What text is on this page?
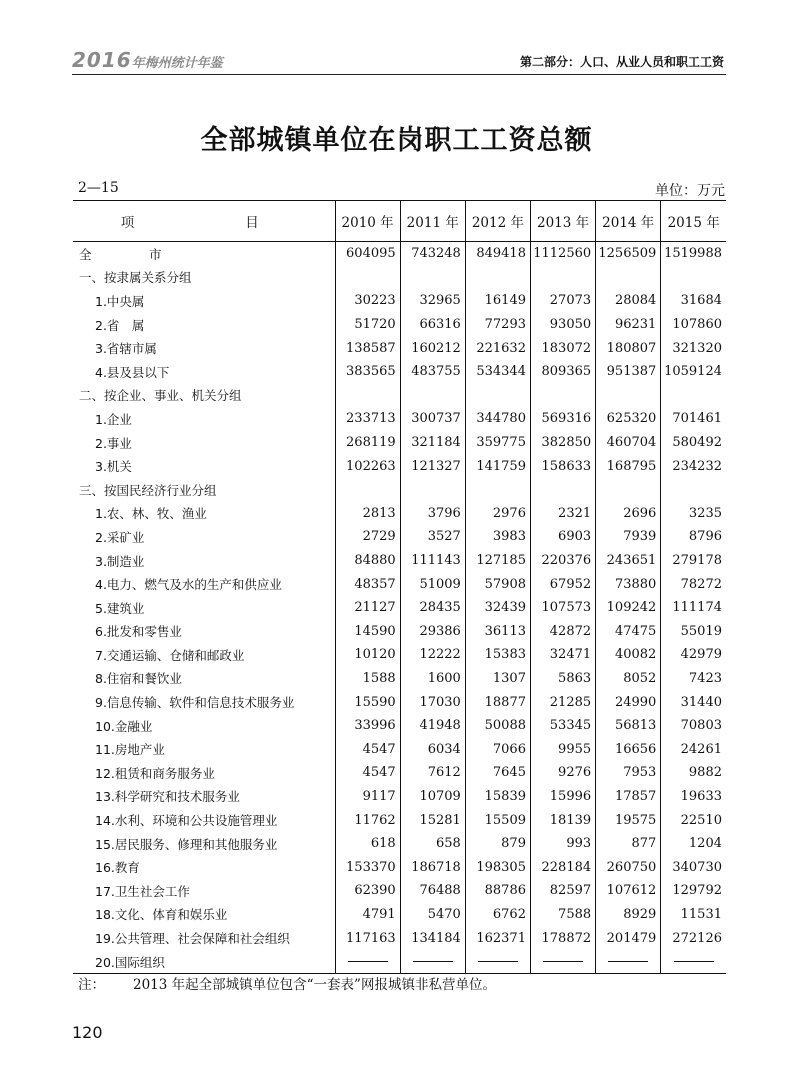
2016年梅州统计年鉴	第二部分：人口、从业人员和职工工资
全部城镇单位在岗职工工资总额
2—15	单位：万元
项　　目	2010 年	2011 年	2012 年	2013 年	2014 年	2015 年
全 市	604095	743248	849418	1112560	1256509	1519988
一、按隶属关系分组						
1.中央属	30223	32965	16149	27073	28084	31684
2.省　属	51720	66316	77293	93050	96231	107860
3.省辖市属	138587	160212	221632	183072	180807	321320
4.县及县以下	383565	483755	534344	809365	951387	1059124
二、按企业、事业、机关分组						
1.企业	233713	300737	344780	569316	625320	701461
2.事业	268119	321184	359775	382850	460704	580492
3.机关	102263	121327	141759	158633	168795	234232
三、按国民经济行业分组						
1.农、林、牧、渔业	2813	3796	2976	2321	2696	3235
2.采矿业	2729	3527	3983	6903	7939	8796
3.制造业	84880	111143	127185	220376	243651	279178
4.电力、燃气及水的生产和供应业	48357	51009	57908	67952	73880	78272
5.建筑业	21127	28435	32439	107573	109242	111174
6.批发和零售业	14590	29386	36113	42872	47475	55019
7.交通运输、仓储和邮政业	10120	12222	15383	32471	40082	42979
8.住宿和餐饮业	1588	1600	1307	5863	8052	7423
9.信息传输、软件和信息技术服务业	15590	17030	18877	21285	24990	31440
10.金融业	33996	41948	50088	53345	56813	70803
11.房地产业	4547	6034	7066	9955	16656	24261
12.租赁和商务服务业	4547	7612	7645	9276	7953	9882
13.科学研究和技术服务业	9117	10709	15839	15996	17857	19633
14.水利、环境和公共设施管理业	11762	15281	15509	18139	19575	22510
15.居民服务、修理和其他服务业	618	658	879	993	877	1204
16.教育	153370	186718	198305	228184	260750	340730
17.卫生社会工作	62390	76488	88786	82597	107612	129792
18.文化、体育和娱乐业	4791	5470	6762	7588	8929	11531
19.公共管理、社会保障和社会组织	117163	134184	162371	178872	201479	272126
20.国际组织						
注： 2013 年起全部城镇单位包含“一套表”网报城镇非私营单位。
120
